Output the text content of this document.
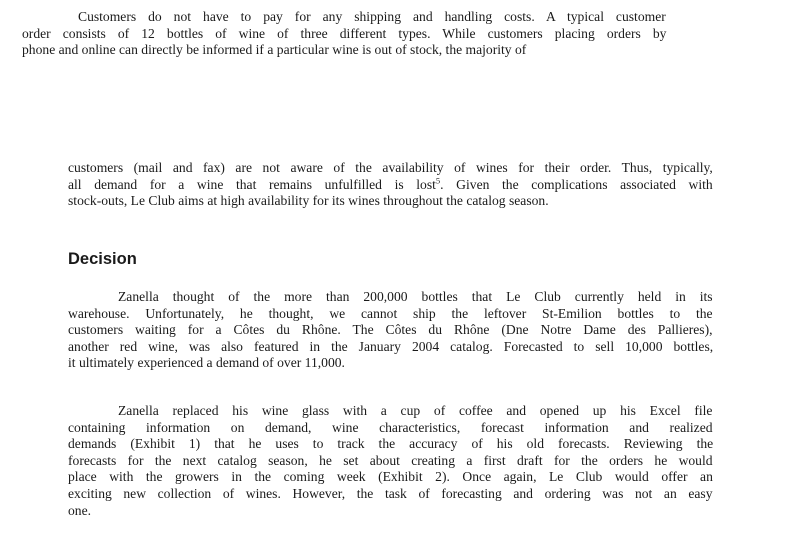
Customers do not have to pay for any shipping and handling costs. A typical customer
order consists of 12 bottles of wine of three different types. While customers placing orders by
phone and online can directly be informed if a particular wine is out of stock, the majority of
customers (mail and fax) are not aware of the availability of wines for their order. Thus, typically,
all demand for a wine that remains unfulfilled is lost$^5$. Given the complications associated with
stock-outs, Le Club aims at high availability for its wines throughout the catalog season.
Decision
Zanella thought of the more than 200,000 bottles that Le Club currently held in its
warehouse. Unfortunately, he thought, we cannot ship the leftover St-Emilion bottles to the
customers waiting for a Côtes du Rhône. The Côtes du Rhône (Dne Notre Dame des Pallieres),
another red wine, was also featured in the January 2004 catalog. Forecasted to sell 10,000 bottles,
it ultimately experienced a demand of over 11,000.
Zanella replaced his wine glass with a cup of coffee and opened up his Excel file
containing information on demand, wine characteristics, forecast information and realized
demands (Exhibit 1) that he uses to track the accuracy of his old forecasts. Reviewing the
forecasts for the next catalog season, he set about creating a first draft for the orders he would
place with the growers in the coming week (Exhibit 2). Once again, Le Club would offer an
exciting new collection of wines. However, the task of forecasting and ordering was not an easy
one.
